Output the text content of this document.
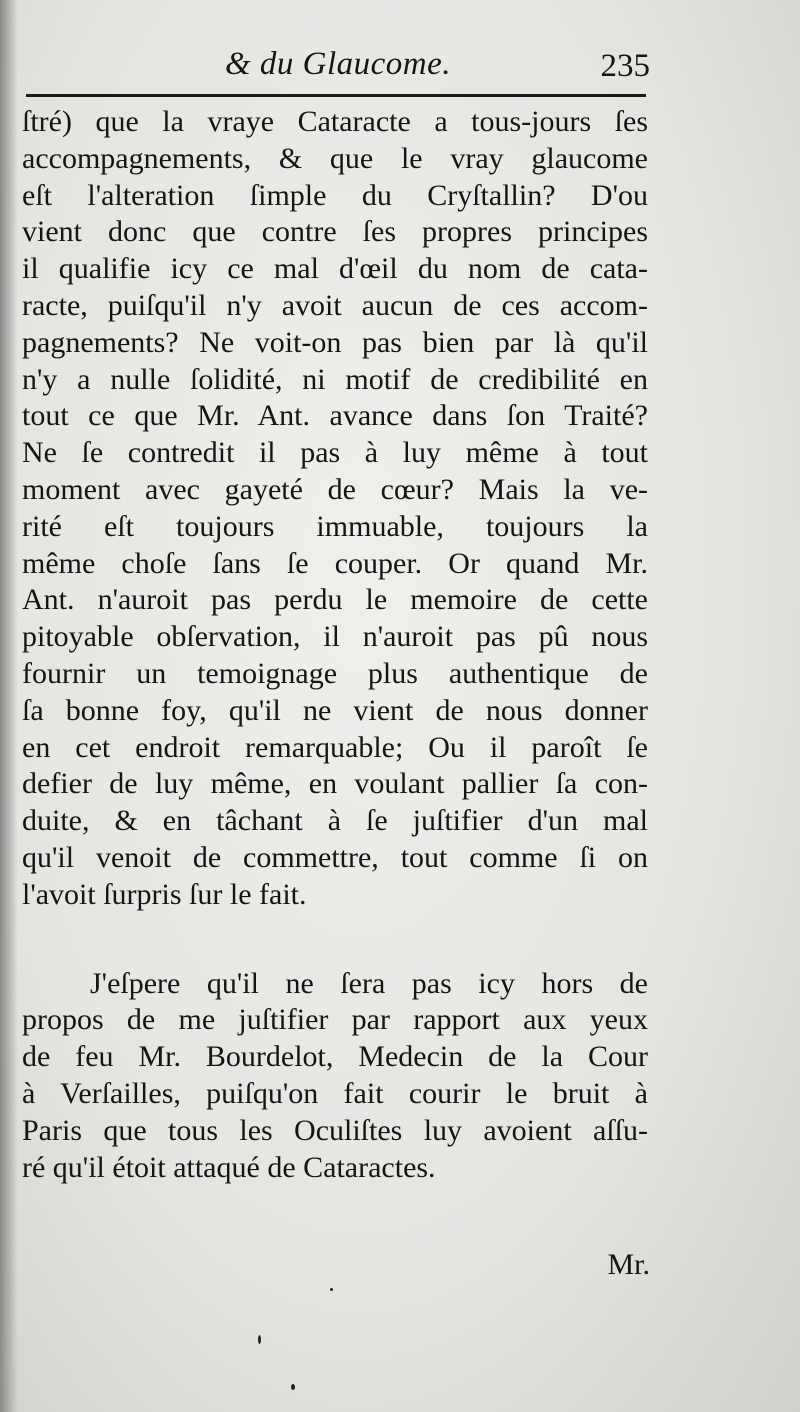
& du Glaucome.	235
ſtré) que la vraye Cataracte a tous-jours ſes
accompagnements, & que le vray glaucome
eſt l'alteration ſimple du Cryſtallin? D'ou
vient donc que contre ſes propres principes
il qualifie icy ce mal d'œil du nom de cata-
racte, puiſqu'il n'y avoit aucun de ces accom-
pagnements? Ne voit-on pas bien par là qu'il
n'y a nulle ſolidité, ni motif de credibilité en
tout ce que Mr. Ant. avance dans ſon Traité?
Ne ſe contredit il pas à luy même à tout
moment avec gayeté de cœur? Mais la ve-
rité eſt toujours immuable, toujours la
même choſe ſans ſe couper. Or quand Mr.
Ant. n'auroit pas perdu le memoire de cette
pitoyable obſervation, il n'auroit pas pû nous
fournir un temoignage plus authentique de
ſa bonne foy, qu'il ne vient de nous donner
en cet endroit remarquable; Ou il paroît ſe
defier de luy même, en voulant pallier ſa con-
duite, & en tâchant à ſe juſtifier d'un mal
qu'il venoit de commettre, tout comme ſi on
l'avoit ſurpris ſur le fait.
J'eſpere qu'il ne ſera pas icy hors de
propos de me juſtifier par rapport aux yeux
de feu Mr. Bourdelot, Medecin de la Cour
à Verſailles, puiſqu'on fait courir le bruit à
Paris que tous les Oculiſtes luy avoient aſſu-
ré qu'il étoit attaqué de Cataractes.
Mr.
